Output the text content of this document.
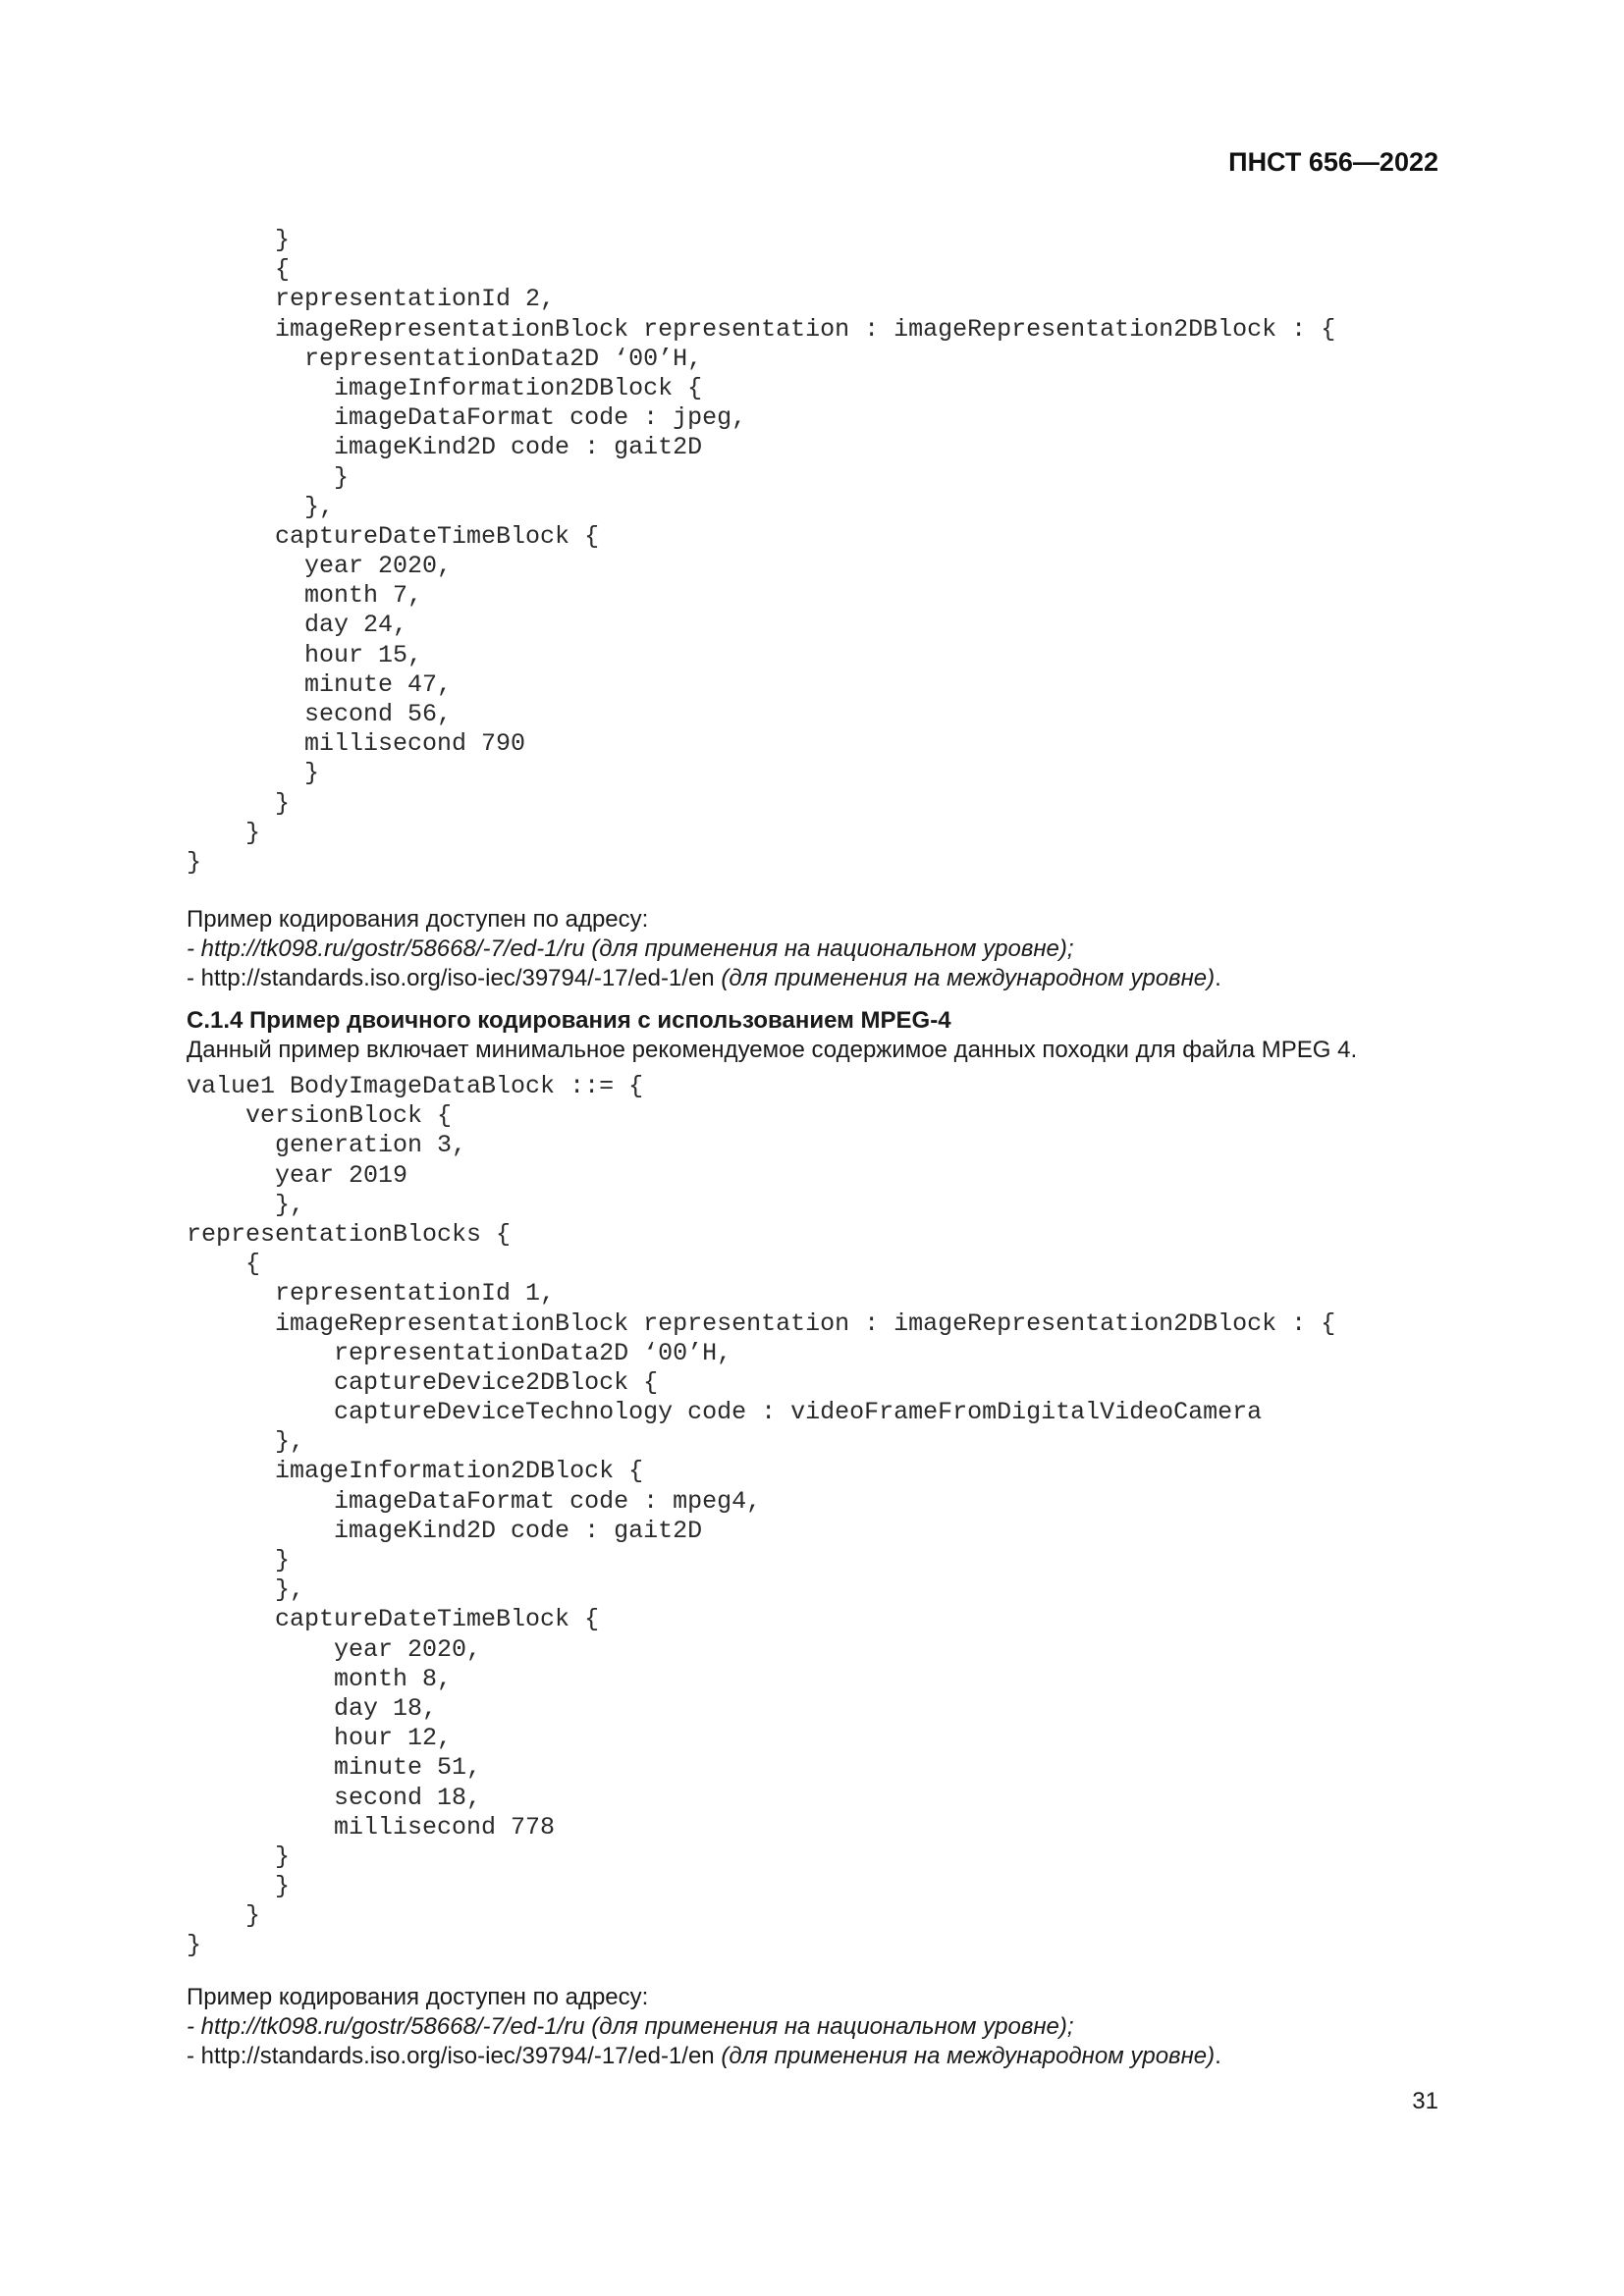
ПНСТ 656—2022
}
{
representationId 2,
imageRepresentationBlock representation : imageRepresentation2DBlock : {
representationData2D ‘00’H,
imageInformation2DBlock {
imageDataFormat code : jpeg,
imageKind2D code : gait2D
}
},
captureDateTimeBlock {
year 2020,
month 7,
day 24,
hour 15,
minute 47,
second 56,
millisecond 790
}
}
}
}
Пример кодирования доступен по адресу:
- http://tk098.ru/gostr/58668/-7/ed-1/ru (для применения на национальном уровне);
- http://standards.iso.org/iso-iec/39794/-17/ed-1/en (для применения на международном уровне).
С.1.4 Пример двоичного кодирования с использованием MPEG-4
Данный пример включает минимальное рекомендуемое содержимое данных походки для файла MPEG 4.
value1 BodyImageDataBlock ::= {
versionBlock {
generation 3,
year 2019
},
representationBlocks {
{
representationId 1,
imageRepresentationBlock representation : imageRepresentation2DBlock : {
representationData2D ‘00’H,
captureDevice2DBlock {
captureDeviceTechnology code : videoFrameFromDigitalVideoCamera
},
imageInformation2DBlock {
imageDataFormat code : mpeg4,
imageKind2D code : gait2D
}
},
captureDateTimeBlock {
year 2020,
month 8,
day 18,
hour 12,
minute 51,
second 18,
millisecond 778
}
}
}
}
Пример кодирования доступен по адресу:
- http://tk098.ru/gostr/58668/-7/ed-1/ru (для применения на национальном уровне);
- http://standards.iso.org/iso-iec/39794/-17/ed-1/en (для применения на международном уровне).
31
